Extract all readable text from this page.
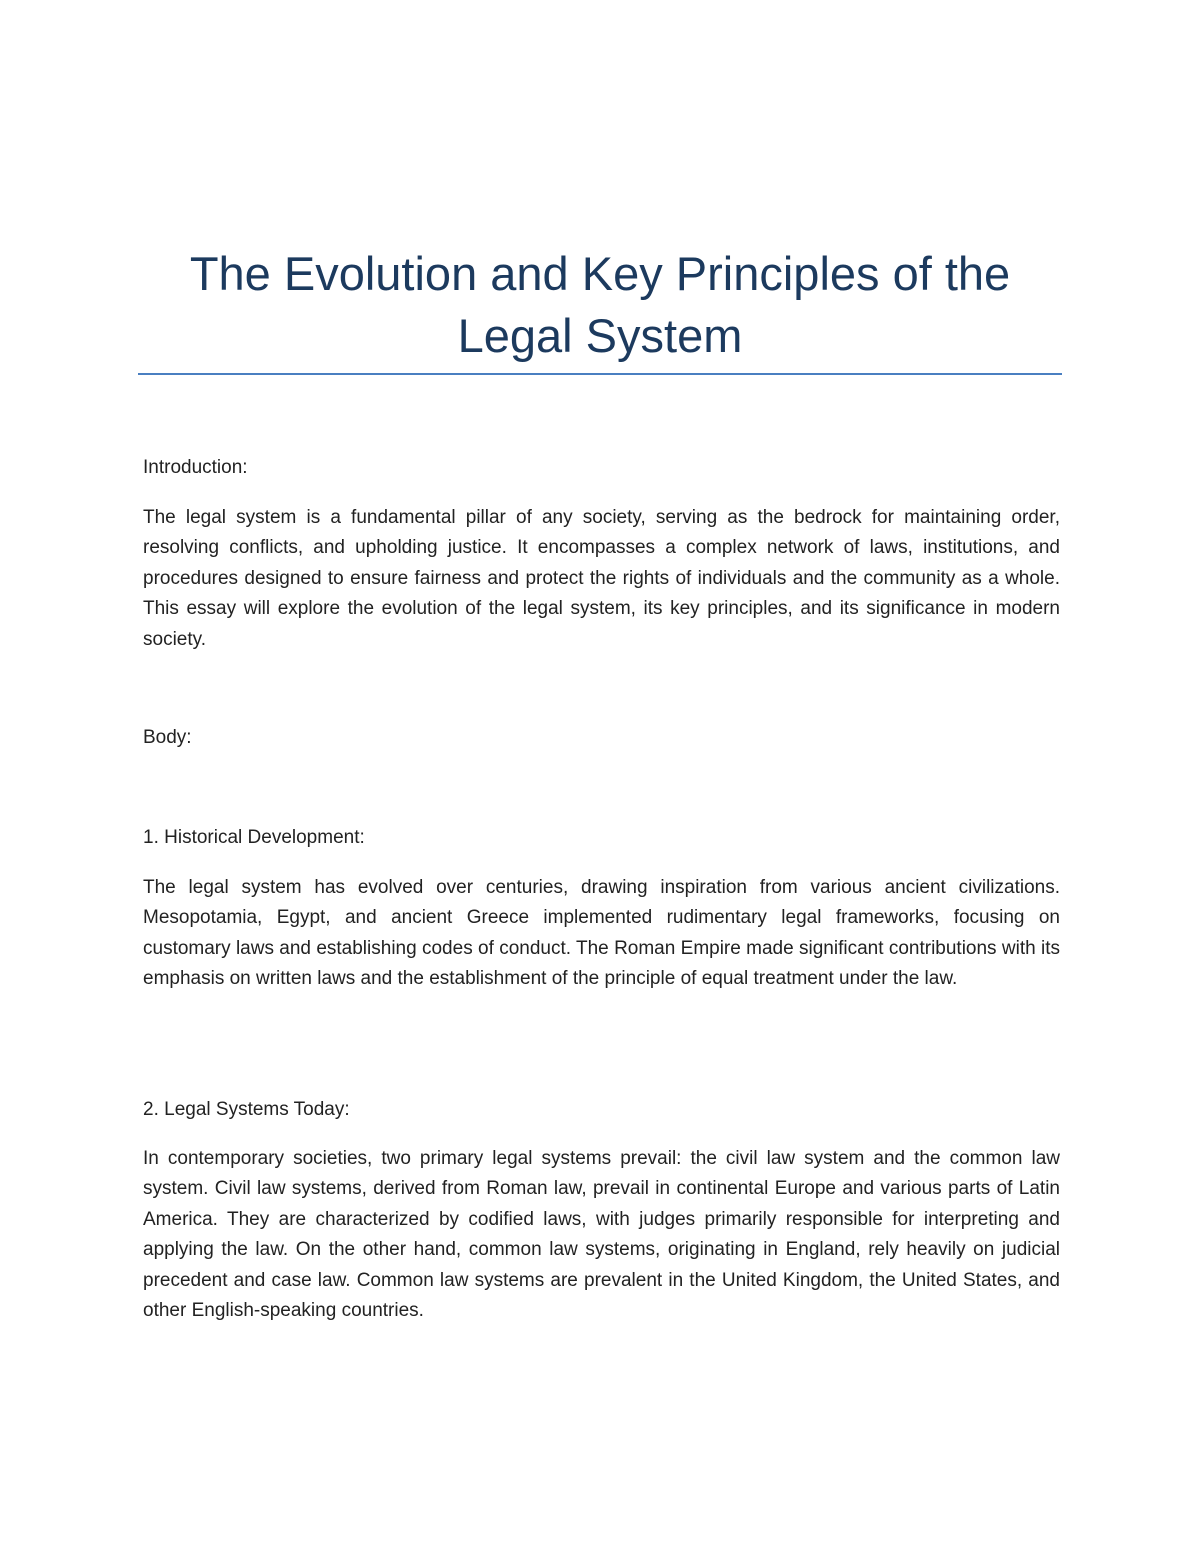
The Evolution and Key Principles of the Legal System

Introduction:

The legal system is a fundamental pillar of any society, serving as the bedrock for maintaining order, resolving conflicts, and upholding justice. It encompasses a complex network of laws, institutions, and procedures designed to ensure fairness and protect the rights of individuals and the community as a whole. This essay will explore the evolution of the legal system, its key principles, and its significance in modern society.

Body:

1. Historical Development:

The legal system has evolved over centuries, drawing inspiration from various ancient civilizations. Mesopotamia, Egypt, and ancient Greece implemented rudimentary legal frameworks, focusing on customary laws and establishing codes of conduct. The Roman Empire made significant contributions with its emphasis on written laws and the establishment of the principle of equal treatment under the law.

2. Legal Systems Today:

In contemporary societies, two primary legal systems prevail: the civil law system and the common law system. Civil law systems, derived from Roman law, prevail in continental Europe and various parts of Latin America. They are characterized by codified laws, with judges primarily responsible for interpreting and applying the law. On the other hand, common law systems, originating in England, rely heavily on judicial precedent and case law. Common law systems are prevalent in the United Kingdom, the United States, and other English-speaking countries.
